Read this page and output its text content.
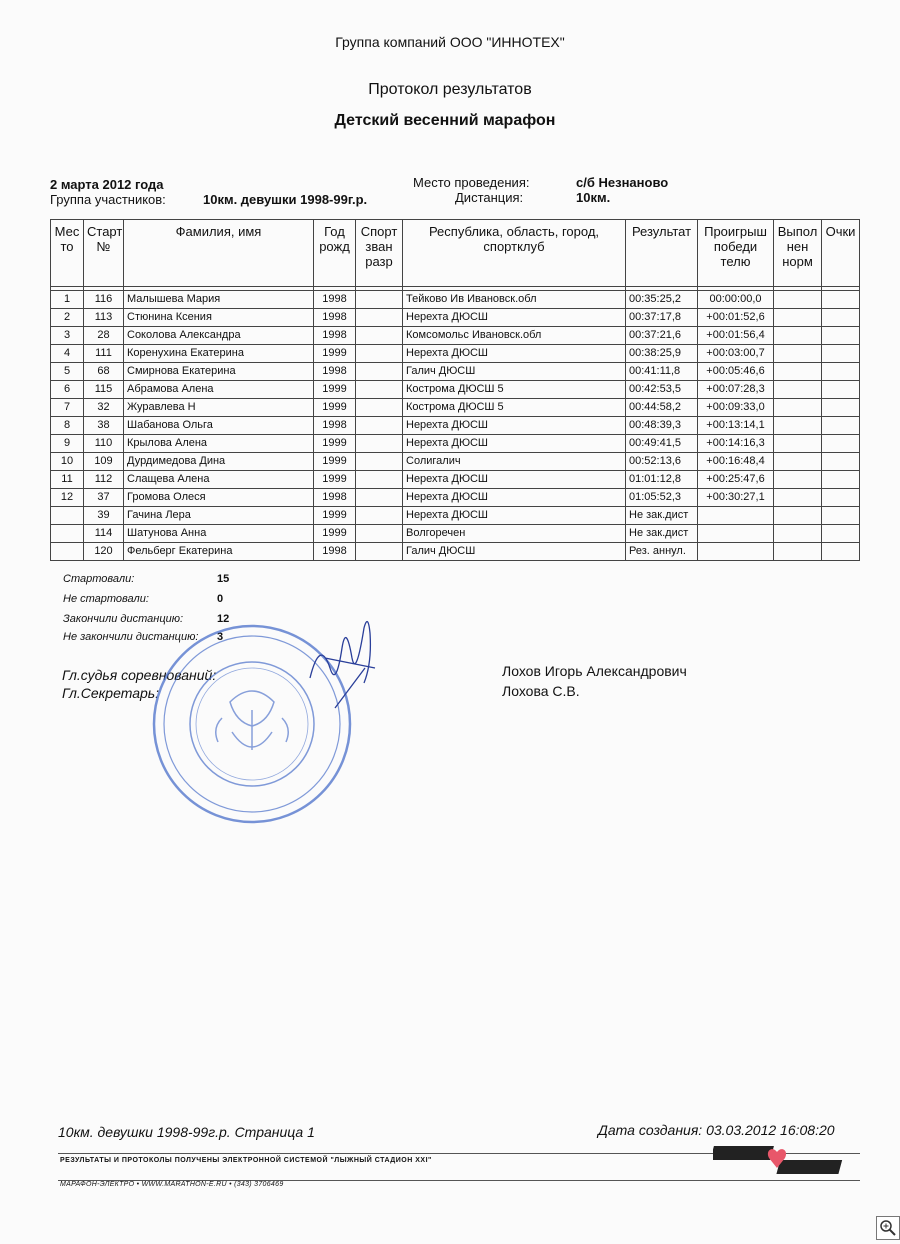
Группа компаний ООО "ИННОТЕХ"
Протокол результатов
Детский весенний марафон
2 марта 2012 года
Группа участников:	10км. девушки 1998-99г.р.
Место проведения:	с/б Незнаново
Дистанция:	10км.
Мес то	Старт №	Фамилия, имя	Год рожд	Спорт зван разр	Республика, область, город, спортклуб	Результат	Проигрыш победи телю	Выпол нен норм	Очки

1	116	Малышева Мария	1998		Тейково Ив Ивановск.обл	00:35:25,2	00:00:00,0		
2	113	Стюнина Ксения	1998		Нерехта ДЮСШ	00:37:17,8	+00:01:52,6		
3	28	Соколова Александра	1998		Комсомольс Ивановск.обл	00:37:21,6	+00:01:56,4		
4	111	Коренухина Екатерина	1999		Нерехта ДЮСШ	00:38:25,9	+00:03:00,7		
5	68	Смирнова Екатерина	1998		Галич ДЮСШ	00:41:11,8	+00:05:46,6		
6	115	Абрамова Алена	1999		Кострома ДЮСШ 5	00:42:53,5	+00:07:28,3		
7	32	Журавлева Н	1999		Кострома ДЮСШ 5	00:44:58,2	+00:09:33,0		
8	38	Шабанова Ольга	1998		Нерехта ДЮСШ	00:48:39,3	+00:13:14,1		
9	110	Крылова Алена	1999		Нерехта ДЮСШ	00:49:41,5	+00:14:16,3		
10	109	Дурдимедова Дина	1999		Солигалич	00:52:13,6	+00:16:48,4		
11	112	Слащева Алена	1999		Нерехта ДЮСШ	01:01:12,8	+00:25:47,6		
12	37	Громова Олеся	1998		Нерехта ДЮСШ	01:05:52,3	+00:30:27,1		
	39	Гачина Лера	1999		Нерехта ДЮСШ	Не зак.дист			
	114	Шатунова Анна	1999		Волгоречен	Не зак.дист			
	120	Фельберг Екатерина	1998		Галич ДЮСШ	Рез. аннул.			
Стартовали:	15
Не стартовали:	0
Закончили дистанцию:	12
Не закончили дистанцию: 3
Гл.судья соревнований:	Лохов Игорь Александрович
Гл.Секретарь:	Лохова С.В.
10км. девушки 1998-99г.р. Страница 1	Дата создания: 03.03.2012 16:08:20
РЕЗУЛЬТАТЫ И ПРОТОКОЛЫ ПОЛУЧЕНЫ ЭЛЕКТРОННОЙ СИСТЕМОЙ "ЛЫЖНЫЙ СТАДИОН XXI"
МАРАФОН-ЭЛЕКТРО • WWW.MARATHON-E.RU • (343) 3706469
